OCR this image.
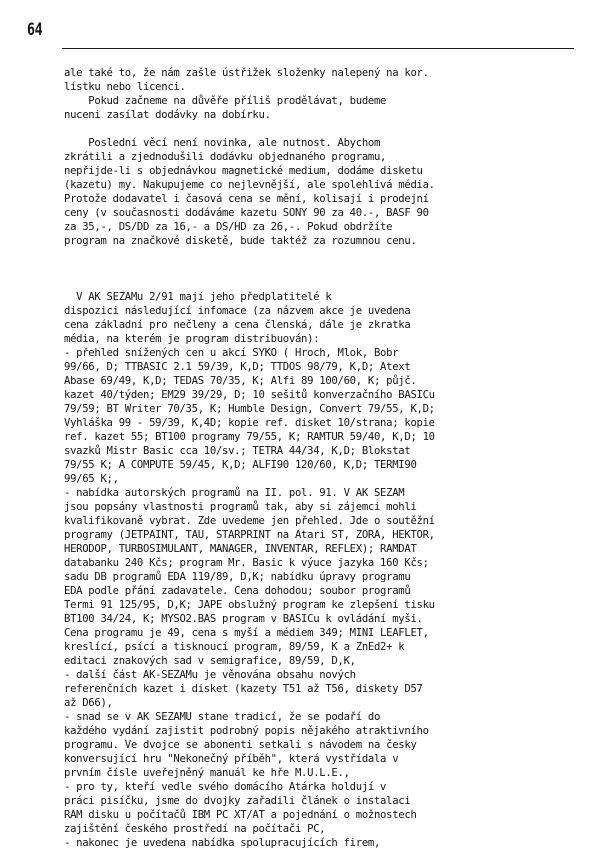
64
ale také to, že nám zašle ústřižek složenky nalepený na kor.
lístku nebo licenci.
Pokud začneme na důvěře příliš prodělávat, budeme
nuceni zasílat dodávky na dobírku.
Poslední věcí není novinka, ale nutnost. Abychom
zkrátili a zjednodušili dodávku objednaného programu,
nepřijde-li s objednávkou magnetické medium, dodáme disketu
(kazetu) my. Nakupujeme co nejlevnější, ale spolehlivá média.
Protože dodavatel i časová cena se mění, kolisají i prodejní
ceny (v současnosti dodáváme kazetu SONY 90 za 40.-, BASF 90
za 35,-, DS/DD za 16,- a DS/HD za 26,-. Pokud obdržíte
program na značkové disketě, bude taktéž za rozumnou cenu.
V AK SEZAMu 2/91 mají jeho předplatitelé k
dispozici následující infomace (za názvem akce je uvedena
cena základní pro nečleny a cena členská, dále je zkratka
média, na kterém je program distribuován):
- přehled snížených cen u akcí SYKO ( Hroch, Mlok, Bobr
99/66, D; TTBASIC 2.1 59/39, K,D; TTDOS 98/79, K,D; Atext
Abase 69/49, K,D; TEDAS 70/35, K; Alfi 89 100/60, K; půjč.
kazet 40/týden; EM29 39/29, D; 10 sešitů konverzačního BASICu
79/59; BT Writer 70/35, K; Humble Design, Convert 79/55, K,D;
Vyhláška 99 - 59/39, K,4D; kopie ref. disket 10/strana; kopie
ref. kazet 55; BT100 programy 79/55, K; RAMTUR 59/40, K,D; 10
svazků Mistr Basic cca 10/sv.; TETRA 44/34, K,D; Blokstat
79/55 K; A COMPUTE 59/45, K,D; ALFI90 120/60, K,D; TERMI90
99/65 K;,
- nabídka autorských programů na II. pol. 91. V AK SEZAM
jsou popsány vlastnosti programů tak, aby si zájemci mohli
kvalifikovaně vybrat. Zde uvedeme jen přehled. Jde o soutěžní
programy (JETPAINT, TAU, STARPRINT na Atari ST, ZORA, HEKTOR,
HERODOP, TURBOSIMULANT, MANAGER, INVENTAR, REFLEX); RAMDAT
databanku 240 Kčs; program Mr. Basic k výuce jazyka 160 Kčs;
sadu DB programů EDA 119/89, D,K; nabídku úpravy programu
EDA podle přání zadavatele. Cena dohodou; soubor programů
Termi 91 125/95, D,K; JAPE obslužný program ke zlepšení tisku
BT100 34/24, K; MYSO2.BAS program v BASICu k ovládání myši.
Cena programu je 49, cena s myší a médiem 349; MINI LEAFLET,
kreslící, psící a tisknoucí program, 89/59, K a ZnEd2+ k
editaci znakových sad v semigrafice, 89/59, D,K,
- další část AK-SEZAMu je věnována obsahu nových
referenčních kazet i disket (kazety T51 až T56, diskety D57
až D66),
- snad se v AK SEZAMU stane tradicí, že se podaří do
každého vydání zajistit podrobný popis nějakého atraktivního
programu. Ve dvojce se abonenti setkali s návodem na česky
konversující hru "Nekonečný příběh", která vystřídala v
prvním čísle uveřejněný manuál ke hře M.U.L.E.,
- pro ty, kteří vedle svého domácího Atárka holdují v
práci pisíčku, jsme do dvojky zařadili článek o instalaci
RAM disku u počítačů IBM PC XT/AT a pojednání o možnostech
zajištění českého prostředí na počítači PC,
- nakonec je uvedena nabídka spolupracujících firem,
